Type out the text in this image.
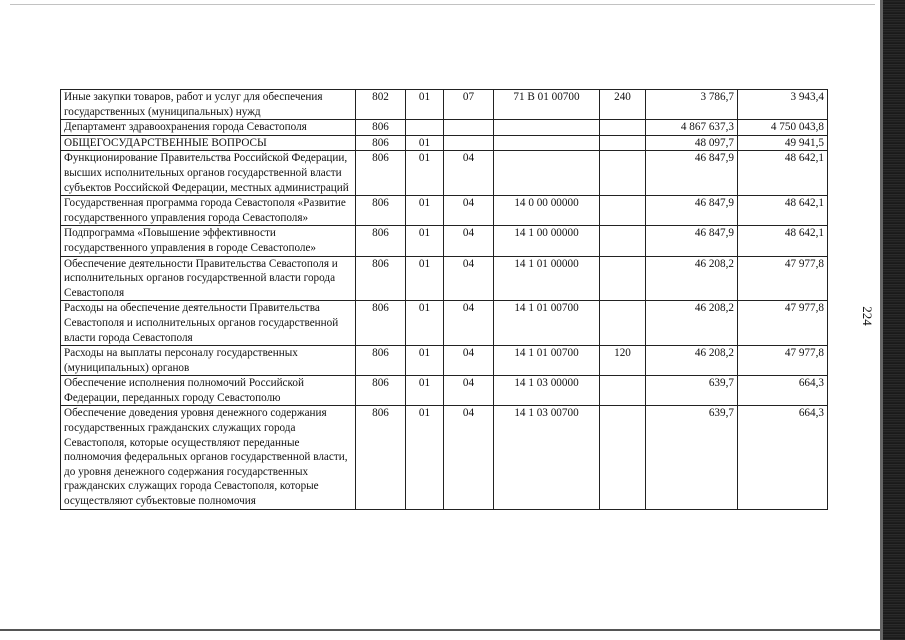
Иные закупки товаров, работ и услуг для обеспечения государственных (муниципальных) нужд	802	01	07	71 В 01 00700	240	3 786,7	3 943,4
Департамент здравоохранения города Севастополя	806					4 867 637,3	4 750 043,8
ОБЩЕГОСУДАРСТВЕННЫЕ ВОПРОСЫ	806	01				48 097,7	49 941,5
Функционирование Правительства Российской Федерации, высших исполнительных органов государственной власти субъектов Российской Федерации, местных администраций	806	01	04			46 847,9	48 642,1
Государственная программа города Севастополя «Развитие государственного управления города Севастополя»	806	01	04	14 0 00 00000		46 847,9	48 642,1
Подпрограмма «Повышение эффективности государственного управления в городе Севастополе»	806	01	04	14 1 00 00000		46 847,9	48 642,1
Обеспечение деятельности Правительства Севастополя и исполнительных органов государственной власти города Севастополя	806	01	04	14 1 01 00000		46 208,2	47 977,8
Расходы на обеспечение деятельности Правительства Севастополя и исполнительных органов государственной власти города Севастополя	806	01	04	14 1 01 00700		46 208,2	47 977,8
Расходы на выплаты персоналу государственных (муниципальных) органов	806	01	04	14 1 01 00700	120	46 208,2	47 977,8
Обеспечение исполнения полномочий Российской Федерации, переданных городу Севастополю	806	01	04	14 1 03 00000		639,7	664,3
Обеспечение доведения уровня денежного содержания государственных гражданских служащих города Севастополя, которые осуществляют переданные полномочия федеральных органов государственной власти, до уровня денежного содержания государственных гражданских служащих города Севастополя, которые осуществляют субъектовые полномочия	806	01	04	14 1 03 00700		639,7	664,3
224
